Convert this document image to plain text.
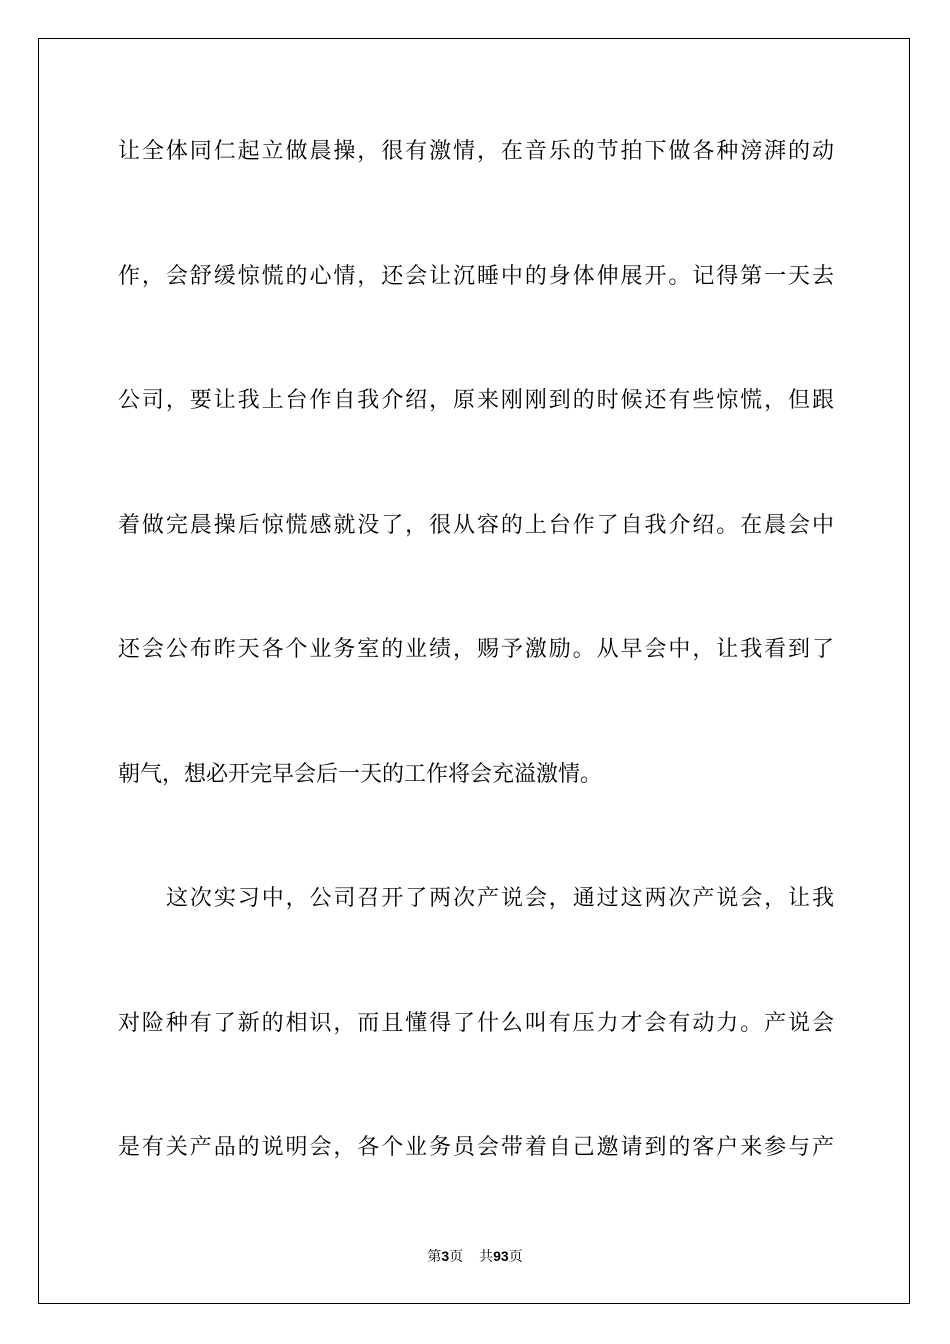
让全体同仁起立做晨操，很有激情，在音乐的节拍下做各种滂湃的动
作，会舒缓惊慌的心情，还会让沉睡中的身体伸展开。记得第一天去
公司，要让我上台作自我介绍，原来刚刚到的时候还有些惊慌，但跟
着做完晨操后惊慌感就没了，很从容的上台作了自我介绍。在晨会中
还会公布昨天各个业务室的业绩，赐予激励。从早会中，让我看到了
朝气，想必开完早会后一天的工作将会充溢激情。
这次实习中，公司召开了两次产说会，通过这两次产说会，让我
对险种有了新的相识，而且懂得了什么叫有压力才会有动力。产说会
是有关产品的说明会，各个业务员会带着自己邀请到的客户来参与产
第3页 共93页
